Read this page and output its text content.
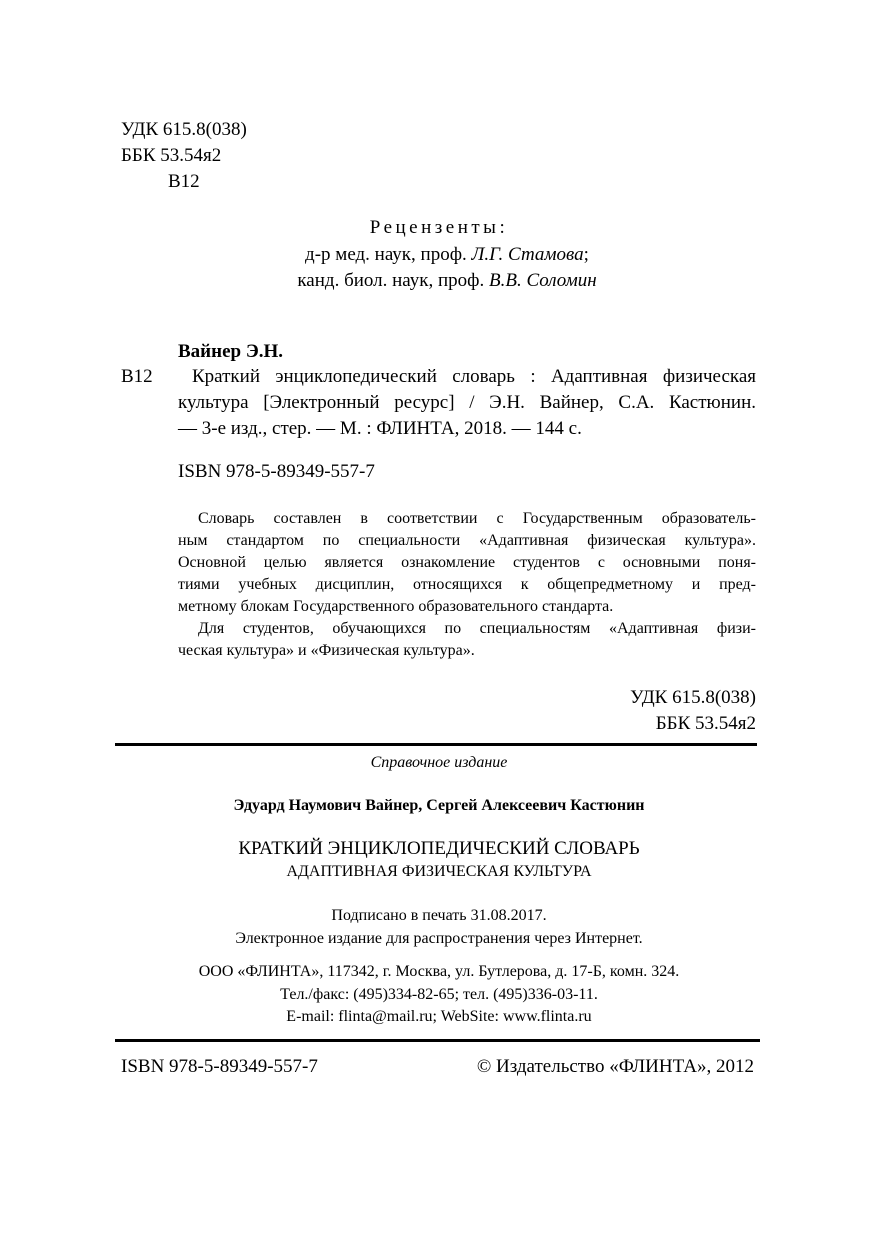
УДК 615.8(038)
ББК 53.54я2
В12
Рецензенты:
д-р мед. наук, проф. Л.Г. Стамова;
канд. биол. наук, проф. В.В. Соломин
Вайнер Э.Н.
В12 Краткий энциклопедический словарь : Адаптивная физическая
культура [Электронный ресурс] / Э.Н. Вайнер, С.А. Кастюнин.
— 3-е изд., стер. — М. : ФЛИНТА, 2018. — 144 с.
ISBN 978-5-89349-557-7
Словарь составлен в соответствии с Государственным образователь-
ным стандартом по специальности «Адаптивная физическая культура».
Основной целью является ознакомление студентов с основными поня-
тиями учебных дисциплин, относящихся к общепредметному и пред-
метному блокам Государственного образовательного стандарта.
Для студентов, обучающихся по специальностям «Адаптивная физи-
ческая культура» и «Физическая культура».
УДК 615.8(038)
ББК 53.54я2
Справочное издание
Эдуард Наумович Вайнер, Сергей Алексеевич Кастюнин
КРАТКИЙ ЭНЦИКЛОПЕДИЧЕСКИЙ СЛОВАРЬ
АДАПТИВНАЯ ФИЗИЧЕСКАЯ КУЛЬТУРА
Подписано в печать 31.08.2017.
Электронное издание для распространения через Интернет.
ООО «ФЛИНТА», 117342, г. Москва, ул. Бутлерова, д. 17-Б, комн. 324.
Тел./факс: (495)334-82-65; тел. (495)336-03-11.
E-mail: flinta@mail.ru; WebSite: www.flinta.ru
ISBN 978-5-89349-557-7	© Издательство «ФЛИНТА», 2012
